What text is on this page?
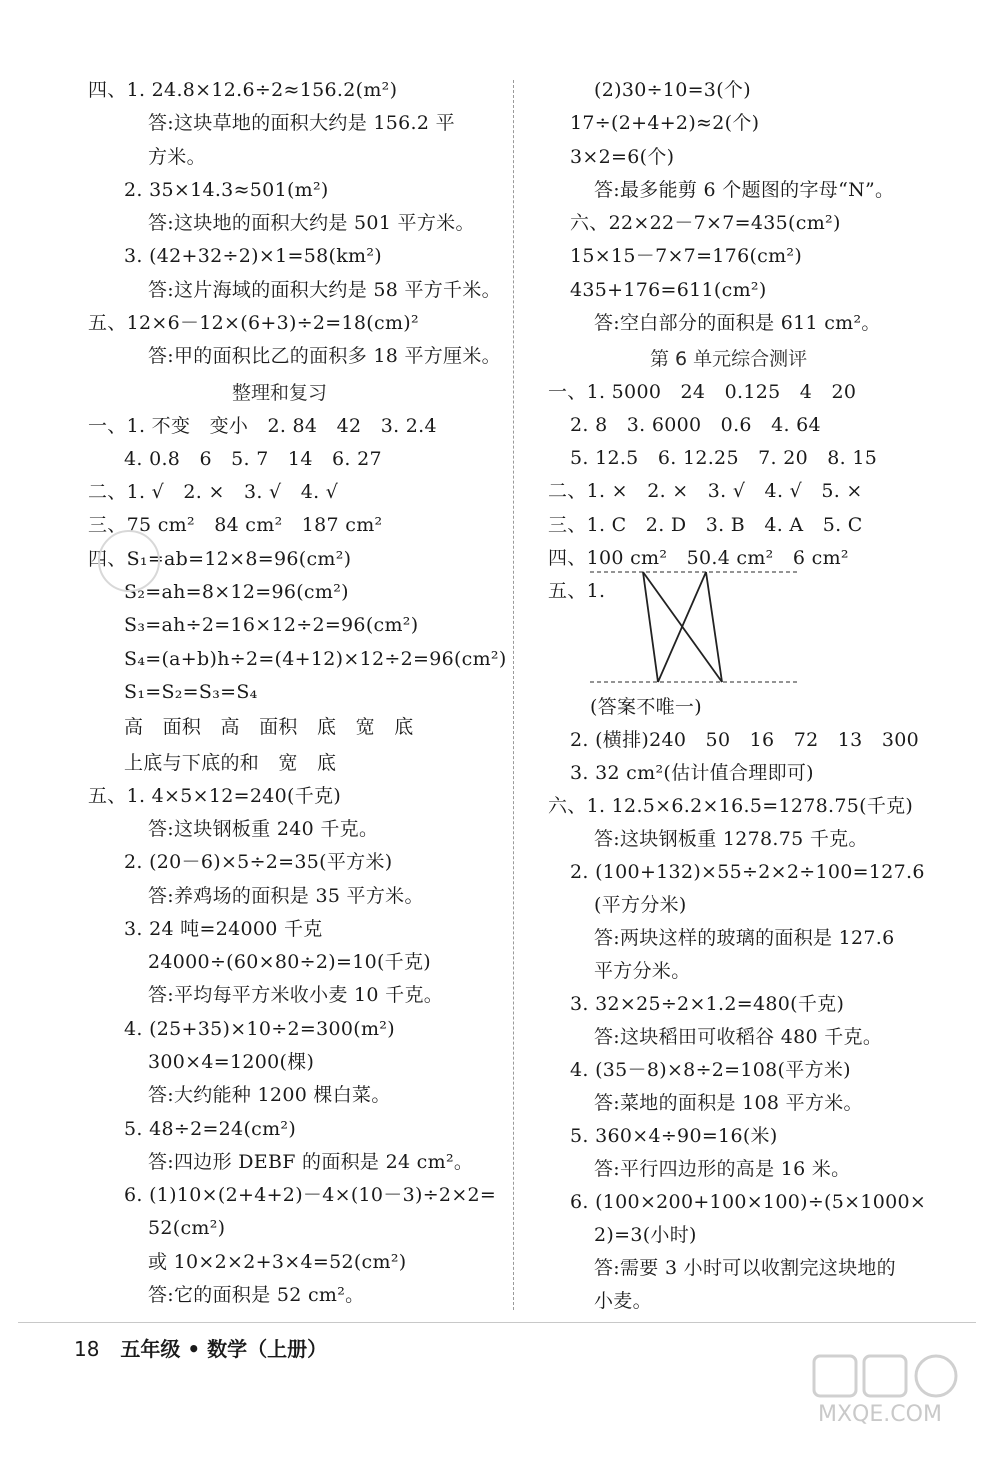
四、1. 24.8×12.6÷2≈156.2(m²)
答:这块草地的面积大约是 156.2 平
方米。
2. 35×14.3≈501(m²)
答:这块地的面积大约是 501 平方米。
3. (42+32÷2)×1=58(km²)
答:这片海域的面积大约是 58 平方千米。
五、12×6－12×(6+3)÷2=18(cm)²
答:甲的面积比乙的面积多 18 平方厘米。
整理和复习
一、1. 不变　变小　2. 84　42　3. 2.4
4. 0.8　6　5. 7　14　6. 27
二、1. √　2. ×　3. √　4. √
三、75 cm²　84 cm²　187 cm²
四、S₁=ab=12×8=96(cm²)
S₂=ah=8×12=96(cm²)
S₃=ah÷2=16×12÷2=96(cm²)
S₄=(a+b)h÷2=(4+12)×12÷2=96(cm²)
S₁=S₂=S₃=S₄
高　面积　高　面积　底　宽　底
上底与下底的和　宽　底
五、1. 4×5×12=240(千克)
答:这块钢板重 240 千克。
2. (20－6)×5÷2=35(平方米)
答:养鸡场的面积是 35 平方米。
3. 24 吨=24000 千克
24000÷(60×80÷2)=10(千克)
答:平均每平方米收小麦 10 千克。
4. (25+35)×10÷2=300(m²)
300×4=1200(棵)
答:大约能种 1200 棵白菜。
5. 48÷2=24(cm²)
答:四边形 DEBF 的面积是 24 cm²。
6. (1)10×(2+4+2)－4×(10－3)÷2×2=
52(cm²)
或 10×2×2+3×4=52(cm²)
答:它的面积是 52 cm²。
(2)30÷10=3(个)
17÷(2+4+2)≈2(个)
3×2=6(个)
答:最多能剪 6 个题图的字母“N”。
六、22×22－7×7=435(cm²)
15×15－7×7=176(cm²)
435+176=611(cm²)
答:空白部分的面积是 611 cm²。
第 6 单元综合测评
一、1. 5000　24　0.125　4　20
2. 8　3. 6000　0.6　4. 64
5. 12.5　6. 12.25　7. 20　8. 15
二、1. ×　2. ×　3. √　4. √　5. ×
三、1. C　2. D　3. B　4. A　5. C
四、100 cm²　50.4 cm²　6 cm²
五、1.
(答案不唯一)
2. (横排)240　50　16　72　13　300
3. 32 cm²(估计值合理即可)
六、1. 12.5×6.2×16.5=1278.75(千克)
答:这块钢板重 1278.75 千克。
2. (100+132)×55÷2×2÷100=127.6
(平方分米)
答:两块这样的玻璃的面积是 127.6
平方分米。
3. 32×25÷2×1.2=480(千克)
答:这块稻田可收稻谷 480 千克。
4. (35－8)×8÷2=108(平方米)
答:菜地的面积是 108 平方米。
5. 360×4÷90=16(米)
答:平行四边形的高是 16 米。
6. (100×200+100×100)÷(5×1000×
2)=3(小时)
答:需要 3 小时可以收割完这块地的
小麦。
18 五年级 • 数学（上册）
MXQE.COM
